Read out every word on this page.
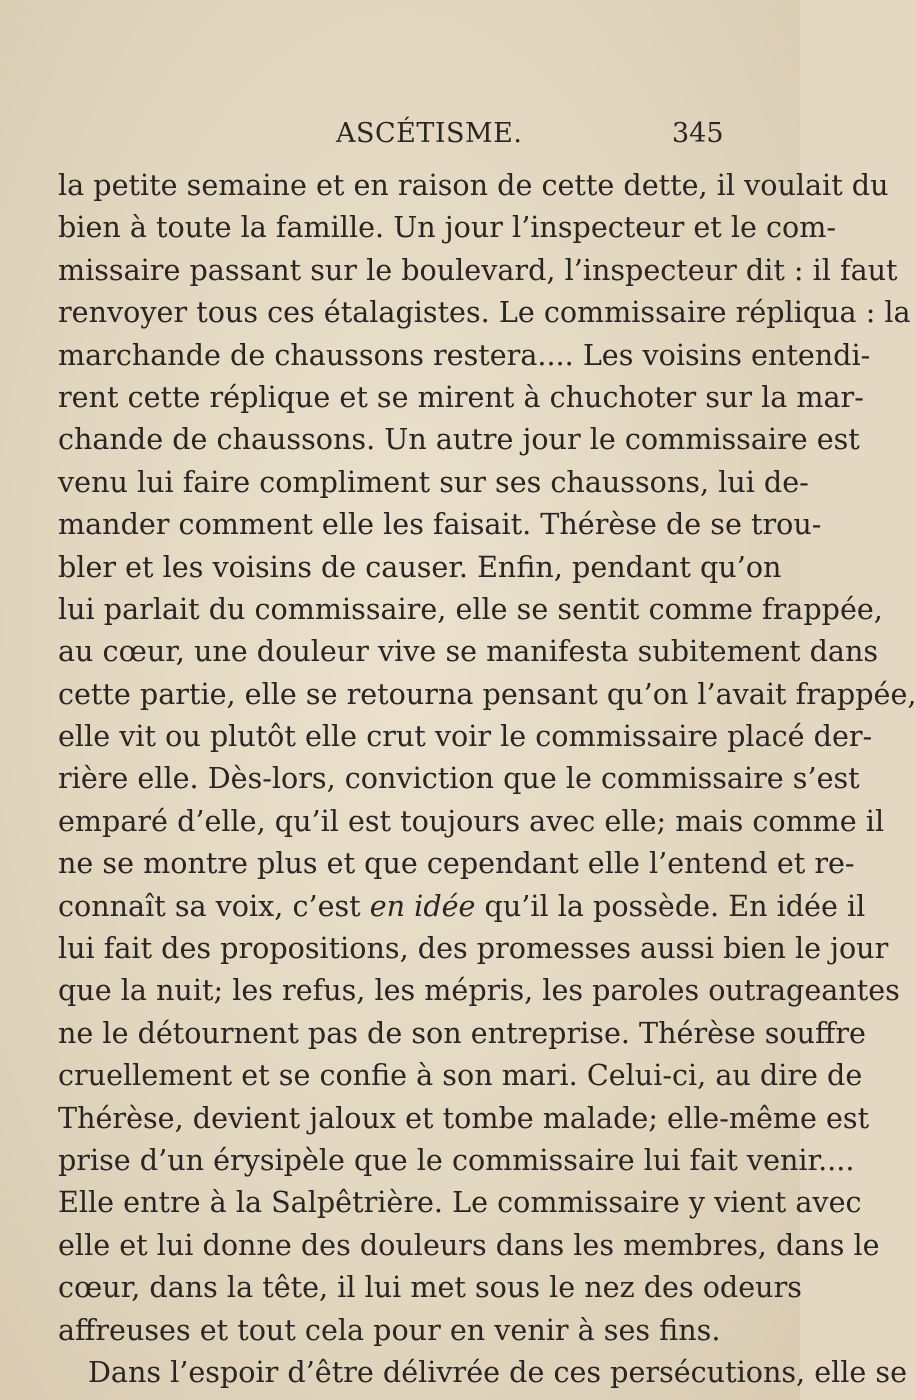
ASCÉTISME.	345
la petite semaine et en raison de cette dette, il voulait du
bien à toute la famille. Un jour l’inspecteur et le com-
missaire passant sur le boulevard, l’inspecteur dit : il faut
renvoyer tous ces étalagistes. Le commissaire répliqua : la
marchande de chaussons restera.... Les voisins entendi-
rent cette réplique et se mirent à chuchoter sur la mar-
chande de chaussons. Un autre jour le commissaire est
venu lui faire compliment sur ses chaussons, lui de-
mander comment elle les faisait. Thérèse de se trou-
bler et les voisins de causer. Enfin, pendant qu’on
lui parlait du commissaire, elle se sentit comme frappée,
au cœur, une douleur vive se manifesta subitement dans
cette partie, elle se retourna pensant qu’on l’avait frappée,
elle vit ou plutôt elle crut voir le commissaire placé der-
rière elle. Dès-lors, conviction que le commissaire s’est
emparé d’elle, qu’il est toujours avec elle; mais comme il
ne se montre plus et que cependant elle l’entend et re-
connaît sa voix, c’est en idée qu’il la possède. En idée il
lui fait des propositions, des promesses aussi bien le jour
que la nuit; les refus, les mépris, les paroles outrageantes
ne le détournent pas de son entreprise. Thérèse souffre
cruellement et se confie à son mari. Celui-ci, au dire de
Thérèse, devient jaloux et tombe malade; elle-même est
prise d’un érysipèle que le commissaire lui fait venir....
Elle entre à la Salpêtrière. Le commissaire y vient avec
elle et lui donne des douleurs dans les membres, dans le
cœur, dans la tête, il lui met sous le nez des odeurs
affreuses et tout cela pour en venir à ses fins.
Dans l’espoir d’être délivrée de ces persécutions, elle se
